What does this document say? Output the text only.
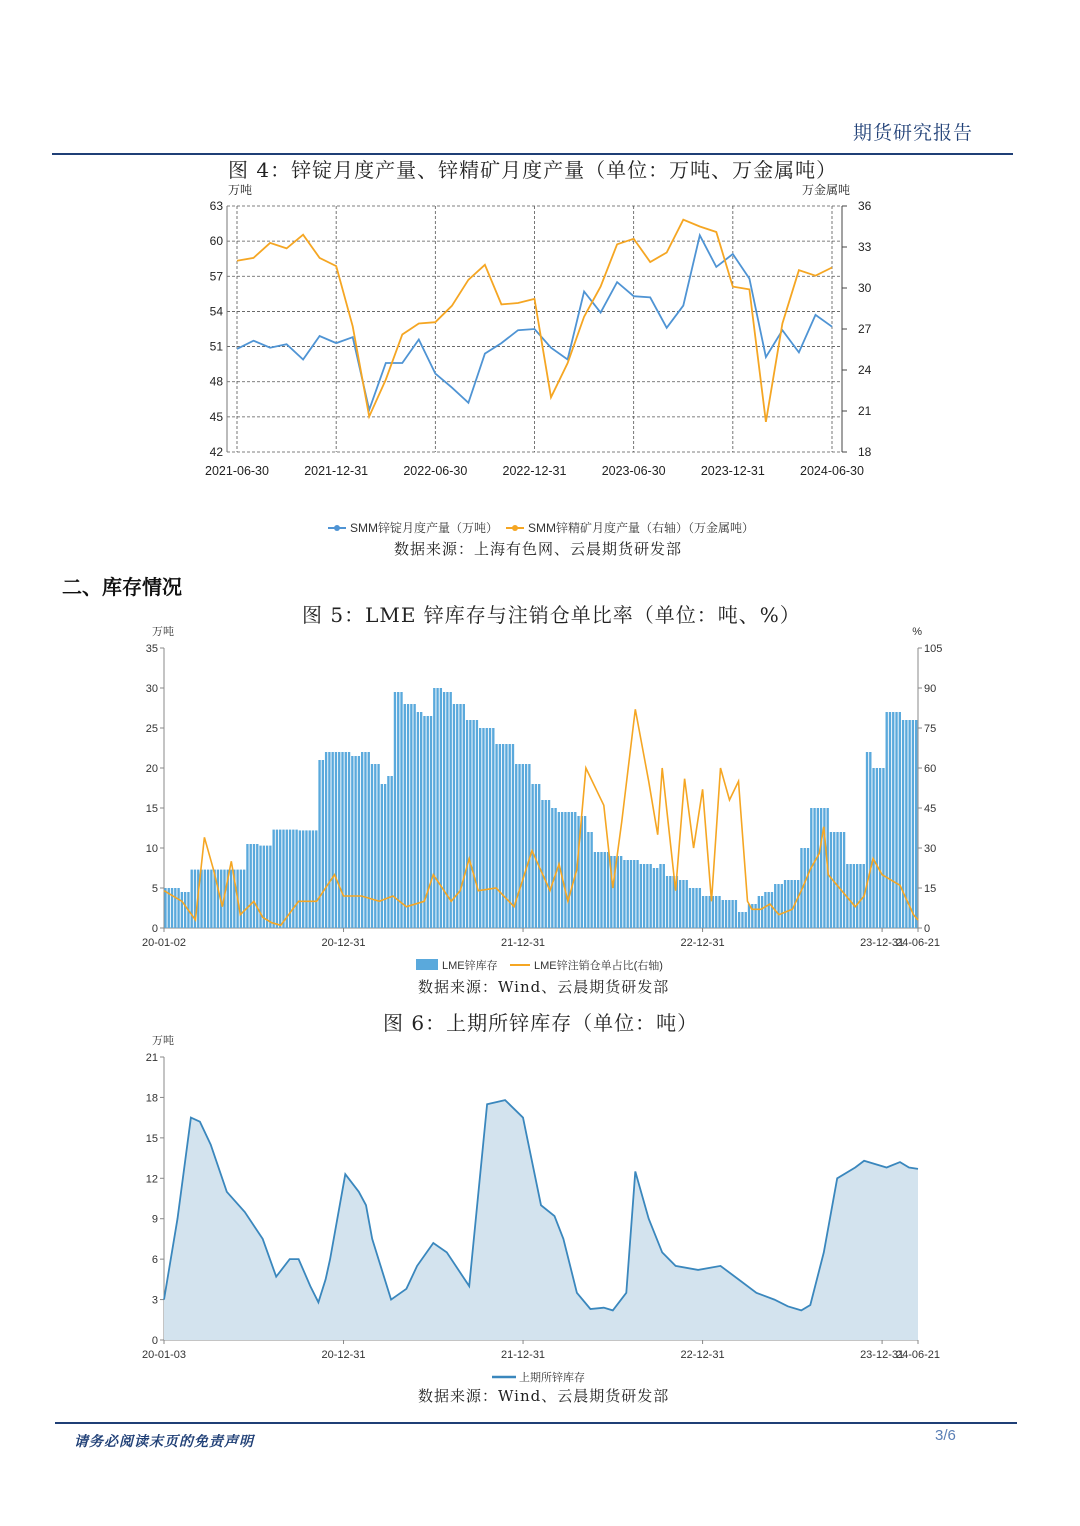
期货研究报告
图 4：锌锭月度产量、锌精矿月度产量（单位：万吨、万金属吨）
万吨	万金属吨
42
45
48
51
54
57
60
63
18
21
24
27
30
33
36
2021-06-30	2021-12-31	2022-06-30	2022-12-31	2023-06-30	2023-12-31	2024-06-30
SMM锌锭月度产量（万吨）	SMM锌精矿月度产量（右轴）（万金属吨）
数据来源：上海有色网、云晨期货研发部
二、库存情况
图 5：LME 锌库存与注销仓单比率（单位：吨、%）
万吨	%
0
5
10
15
20
25
30
35
0
15
30
45
60
75
90
105
20-01-02	20-12-31	21-12-31	22-12-31	23-12-31
24-06-21
LME锌库存	LME锌注销仓单占比(右轴)
数据来源：Wind、云晨期货研发部
图 6：上期所锌库存（单位：吨）
万吨
0
3
6
9
12
15
18
21
20-01-03	20-12-31	21-12-31	22-12-31	23-12-31
24-06-21
上期所锌库存
数据来源：Wind、云晨期货研发部
请务必阅读末页的免责声明	3/6
